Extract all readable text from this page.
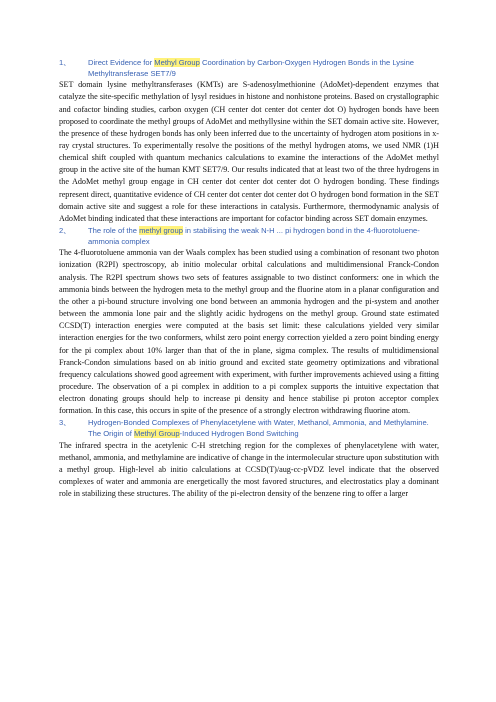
1、	Direct Evidence for Methyl Group Coordination by Carbon-Oxygen Hydrogen Bonds in the Lysine Methyltransferase SET7/9

SET domain lysine methyltransferases (KMTs) are S-adenosylmethionine (AdoMet)-dependent enzymes that catalyze the site-specific methylation of lysyl residues in histone and nonhistone proteins. Based on crystallographic and cofactor binding studies, carbon oxygen (CH center dot center dot center dot O) hydrogen bonds have been proposed to coordinate the methyl groups of AdoMet and methyllysine within the SET domain active site. However, the presence of these hydrogen bonds has only been inferred due to the uncertainty of hydrogen atom positions in x-ray crystal structures. To experimentally resolve the positions of the methyl hydrogen atoms, we used NMR (1)H chemical shift coupled with quantum mechanics calculations to examine the interactions of the AdoMet methyl group in the active site of the human KMT SET7/9. Our results indicated that at least two of the three hydrogens in the AdoMet methyl group engage in CH center dot center dot center dot O hydrogen bonding. These findings represent direct, quantitative evidence of CH center dot center dot center dot O hydrogen bond formation in the SET domain active site and suggest a role for these interactions in catalysis. Furthermore, thermodynamic analysis of AdoMet binding indicated that these interactions are important for cofactor binding across SET domain enzymes.

2、	The role of the methyl group in stabilising the weak N-H ... pi hydrogen bond in the 4-fluorotoluene-ammonia complex

The 4-fluorotoluene ammonia van der Waals complex has been studied using a combination of resonant two photon ionization (R2PI) spectroscopy, ab initio molecular orbital calculations and multidimensional Franck-Condon analysis. The R2PI spectrum shows two sets of features assignable to two distinct conformers: one in which the ammonia binds between the hydrogen meta to the methyl group and the fluorine atom in a planar configuration and the other a pi-bound structure involving one bond between an ammonia hydrogen and the pi-system and another between the ammonia lone pair and the slightly acidic hydrogens on the methyl group. Ground state estimated CCSD(T) interaction energies were computed at the basis set limit: these calculations yielded very similar interaction energies for the two conformers, whilst zero point energy correction yielded a zero point binding energy for the pi complex about 10% larger than that of the in plane, sigma complex. The results of multidimensional Franck-Condon simulations based on ab initio ground and excited state geometry optimizations and vibrational frequency calculations showed good agreement with experiment, with further improvements achieved using a fitting procedure. The observation of a pi complex in addition to a pi complex supports the intuitive expectation that electron donating groups should help to increase pi density and hence stabilise pi proton acceptor complex formation. In this case, this occurs in spite of the presence of a strongly electron withdrawing fluorine atom.

3、	Hydrogen-Bonded Complexes of Phenylacetylene with Water, Methanol, Ammonia, and Methylamine. The Origin of Methyl Group-Induced Hydrogen Bond Switching

The infrared spectra in the acetylenic C-H stretching region for the complexes of phenylacetylene with water, methanol, ammonia, and methylamine are indicative of change in the intermolecular structure upon substitution with a methyl group. High-level ab initio calculations at CCSD(T)/aug-cc-pVDZ level indicate that the observed complexes of water and ammonia are energetically the most favored structures, and electrostatics play a dominant role in stabilizing these structures. The ability of the pi-electron density of the benzene ring to offer a larger
